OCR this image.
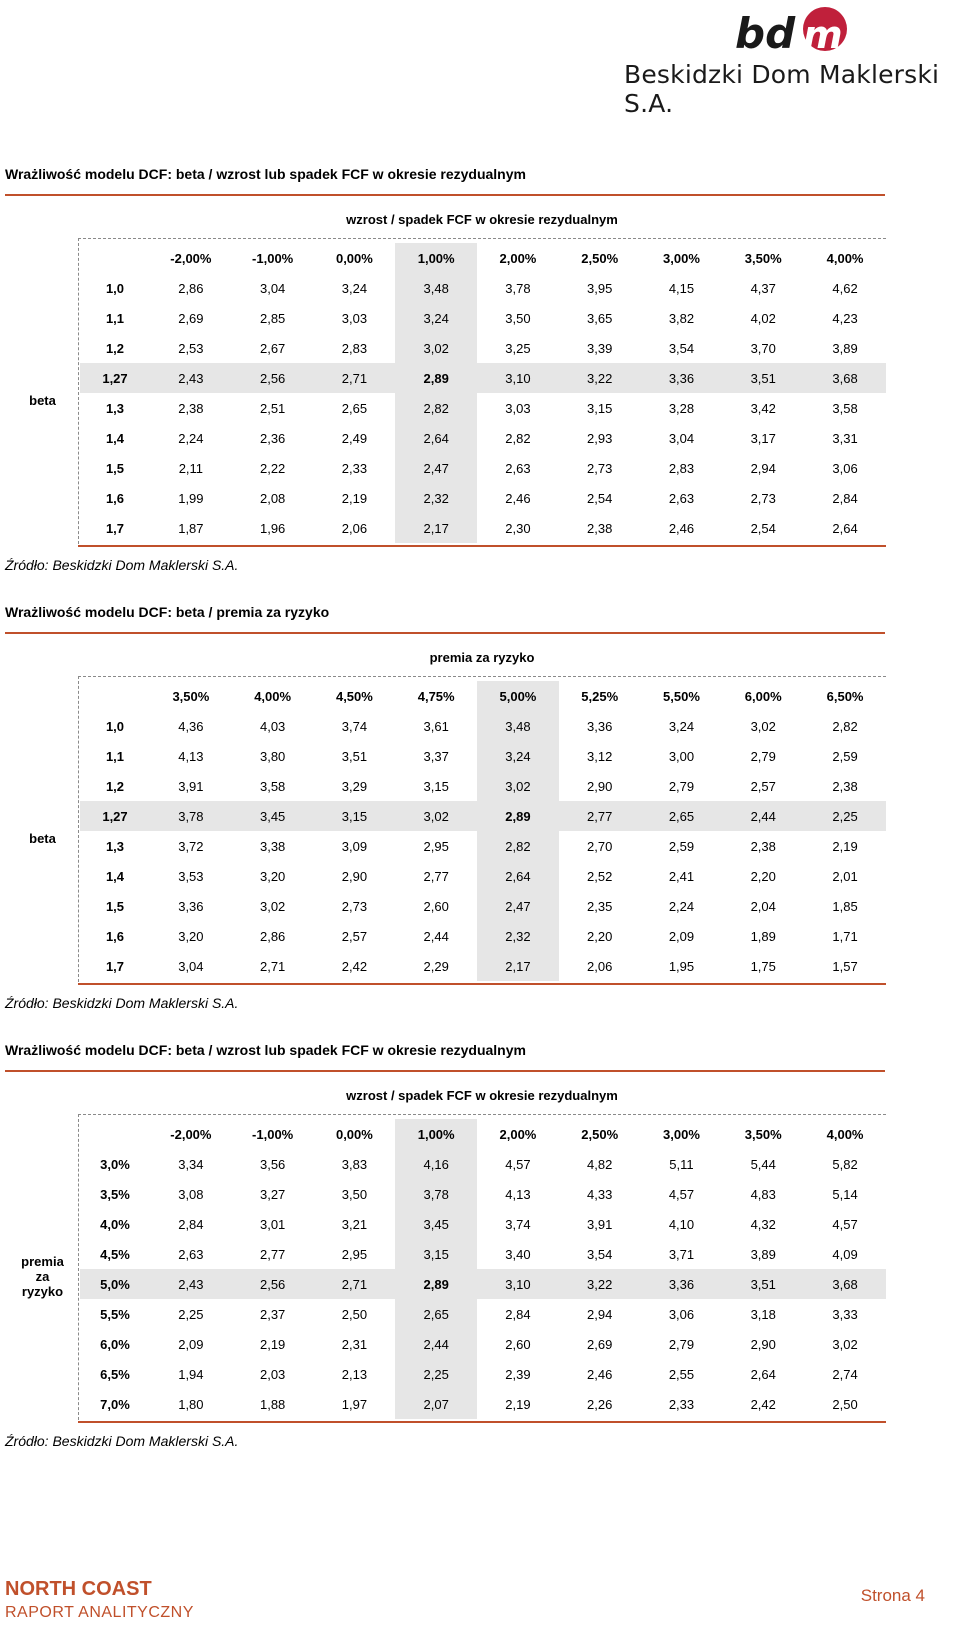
bd m
Beskidzki Dom Maklerski S.A.
Wrażliwość modelu DCF: beta / wzrost lub spadek FCF w okresie rezydualnym
wzrost / spadek FCF w okresie rezydualnym
	-2,00%	-1,00%	0,00%	1,00%	2,00%	2,50%	3,00%	3,50%	4,00%
1,0	2,86	3,04	3,24	3,48	3,78	3,95	4,15	4,37	4,62
1,1	2,69	2,85	3,03	3,24	3,50	3,65	3,82	4,02	4,23
1,2	2,53	2,67	2,83	3,02	3,25	3,39	3,54	3,70	3,89
1,27	2,43	2,56	2,71	2,89	3,10	3,22	3,36	3,51	3,68
1,3	2,38	2,51	2,65	2,82	3,03	3,15	3,28	3,42	3,58
1,4	2,24	2,36	2,49	2,64	2,82	2,93	3,04	3,17	3,31
1,5	2,11	2,22	2,33	2,47	2,63	2,73	2,83	2,94	3,06
1,6	1,99	2,08	2,19	2,32	2,46	2,54	2,63	2,73	2,84
1,7	1,87	1,96	2,06	2,17	2,30	2,38	2,46	2,54	2,64
beta
Źródło: Beskidzki Dom Maklerski S.A.
Wrażliwość modelu DCF: beta / premia za ryzyko
premia za ryzyko
	3,50%	4,00%	4,50%	4,75%	5,00%	5,25%	5,50%	6,00%	6,50%
1,0	4,36	4,03	3,74	3,61	3,48	3,36	3,24	3,02	2,82
1,1	4,13	3,80	3,51	3,37	3,24	3,12	3,00	2,79	2,59
1,2	3,91	3,58	3,29	3,15	3,02	2,90	2,79	2,57	2,38
1,27	3,78	3,45	3,15	3,02	2,89	2,77	2,65	2,44	2,25
1,3	3,72	3,38	3,09	2,95	2,82	2,70	2,59	2,38	2,19
1,4	3,53	3,20	2,90	2,77	2,64	2,52	2,41	2,20	2,01
1,5	3,36	3,02	2,73	2,60	2,47	2,35	2,24	2,04	1,85
1,6	3,20	2,86	2,57	2,44	2,32	2,20	2,09	1,89	1,71
1,7	3,04	2,71	2,42	2,29	2,17	2,06	1,95	1,75	1,57
beta
Źródło: Beskidzki Dom Maklerski S.A.
Wrażliwość modelu DCF: beta / wzrost lub spadek FCF w okresie rezydualnym
wzrost / spadek FCF w okresie rezydualnym
	-2,00%	-1,00%	0,00%	1,00%	2,00%	2,50%	3,00%	3,50%	4,00%
3,0%	3,34	3,56	3,83	4,16	4,57	4,82	5,11	5,44	5,82
3,5%	3,08	3,27	3,50	3,78	4,13	4,33	4,57	4,83	5,14
4,0%	2,84	3,01	3,21	3,45	3,74	3,91	4,10	4,32	4,57
4,5%	2,63	2,77	2,95	3,15	3,40	3,54	3,71	3,89	4,09
5,0%	2,43	2,56	2,71	2,89	3,10	3,22	3,36	3,51	3,68
5,5%	2,25	2,37	2,50	2,65	2,84	2,94	3,06	3,18	3,33
6,0%	2,09	2,19	2,31	2,44	2,60	2,69	2,79	2,90	3,02
6,5%	1,94	2,03	2,13	2,25	2,39	2,46	2,55	2,64	2,74
7,0%	1,80	1,88	1,97	2,07	2,19	2,26	2,33	2,42	2,50
premia
za
ryzyko
Źródło: Beskidzki Dom Maklerski S.A.
NORTH COAST
RAPORT ANALITYCZNY
Strona 4
